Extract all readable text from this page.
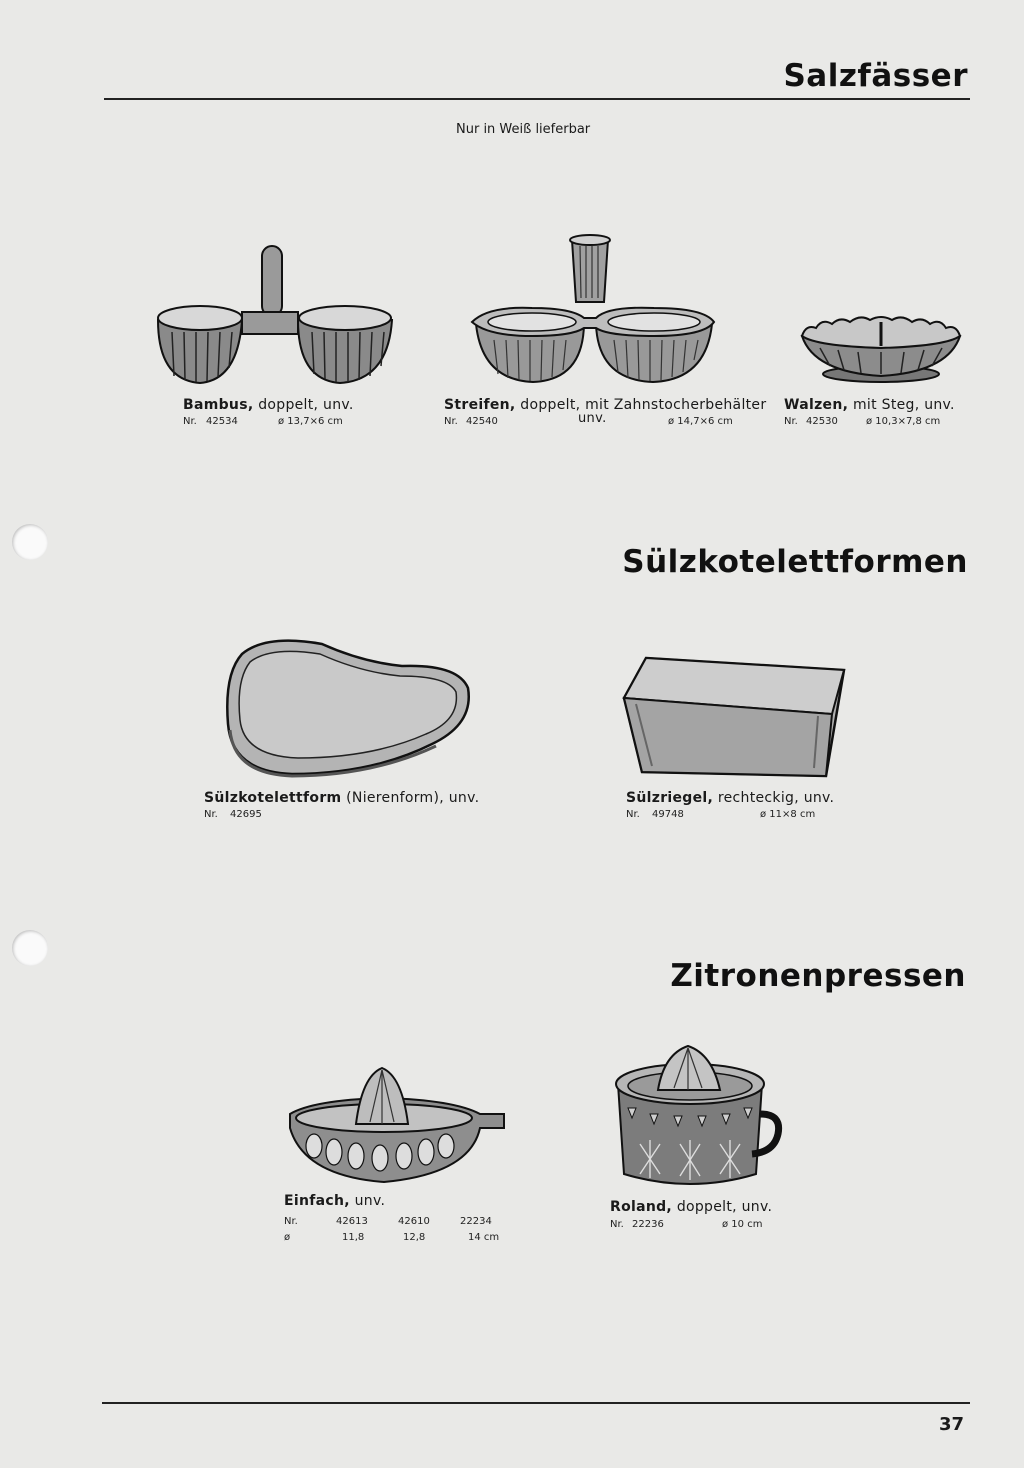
Salzfässer
Nur in Weiß lieferbar
Bambus, doppelt, unv.
Nr. 42534	ø 13,7×6 cm
Streifen, doppelt, mit Zahnstocherbehälter
Nr. 42540	unv.	ø 14,7×6 cm
Walzen, mit Steg, unv.
Nr. 42530	ø 10,3×7,8 cm
Sülzkotelettformen
Sülzkotelettform (Nierenform), unv.
Nr. 42695
Sülzriegel, rechteckig, unv.
Nr. 49748	ø 11×8 cm
Zitronenpressen
Einfach, unv.
Nr.	42613	42610	22234
ø	11,8	12,8	14 cm
Roland, doppelt, unv.
Nr. 22236	ø 10 cm
37
